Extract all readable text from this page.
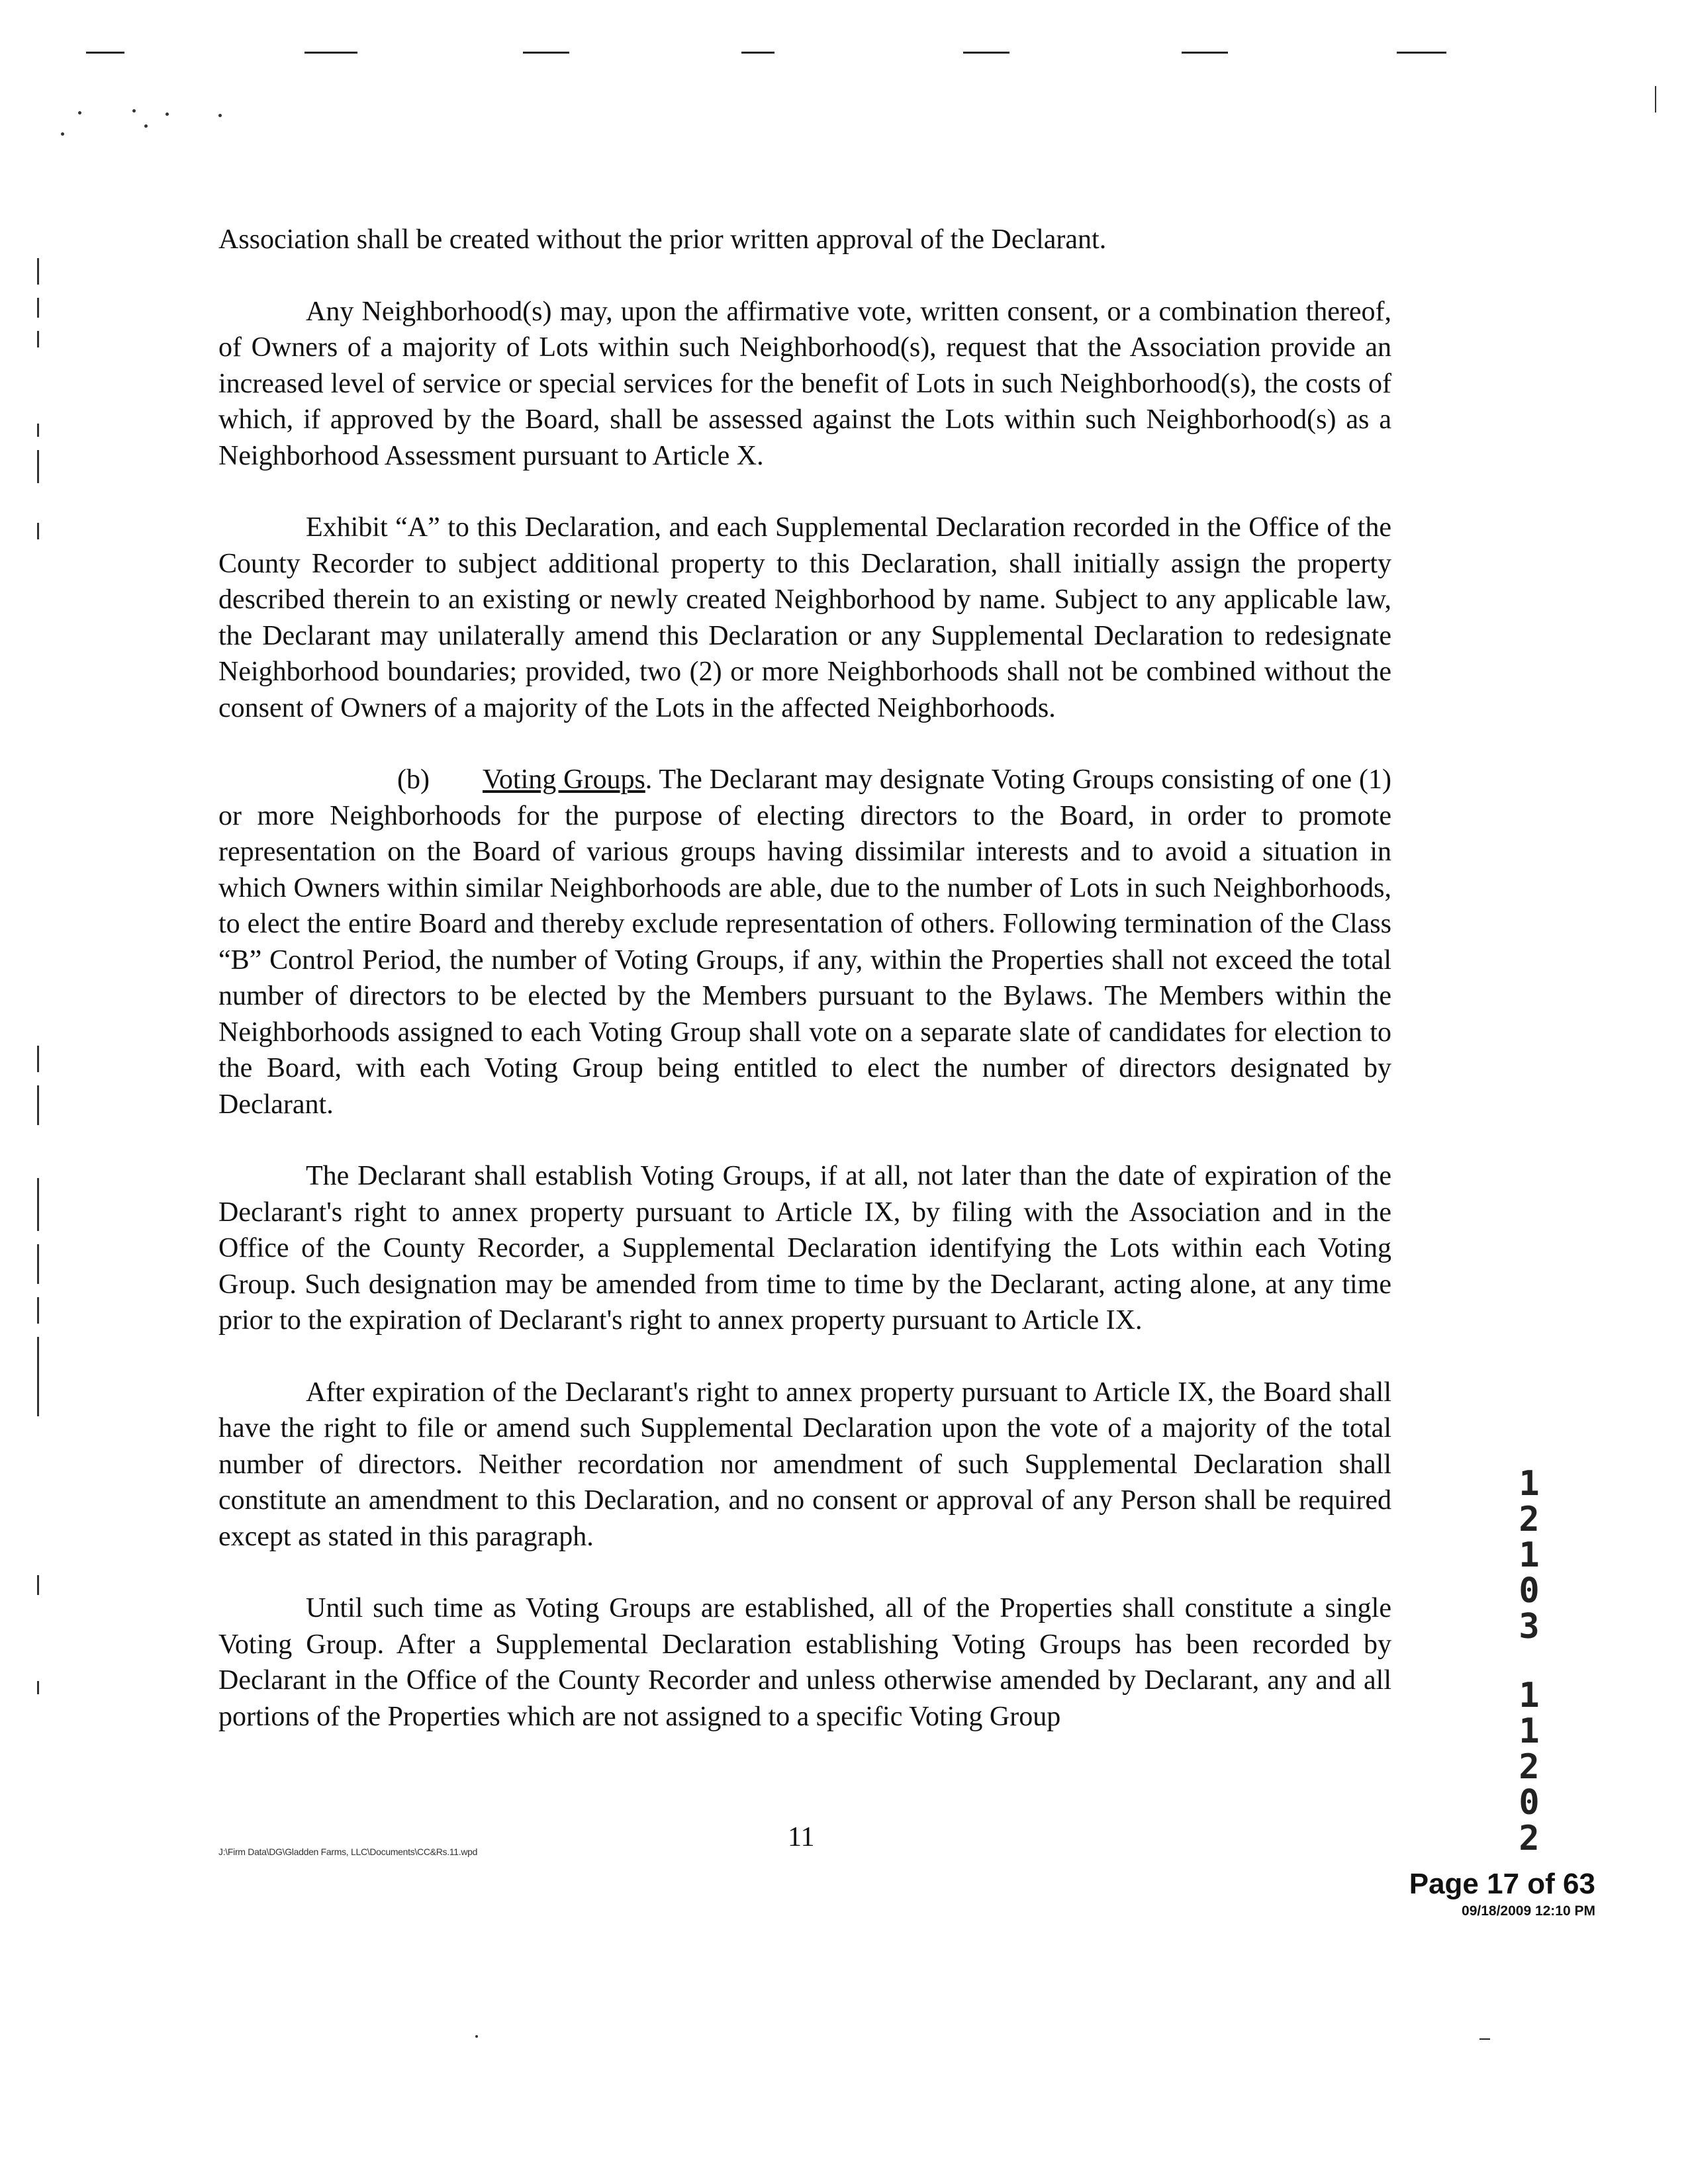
Association shall be created without the prior written approval of the Declarant.

Any Neighborhood(s) may, upon the affirmative vote, written consent, or a combination thereof, of Owners of a majority of Lots within such Neighborhood(s), request that the Association provide an increased level of service or special services for the benefit of Lots in such Neighborhood(s), the costs of which, if approved by the Board, shall be assessed against the Lots within such Neighborhood(s) as a Neighborhood Assessment pursuant to Article X.

Exhibit “A” to this Declaration, and each Supplemental Declaration recorded in the Office of the County Recorder to subject additional property to this Declaration, shall initially assign the property described therein to an existing or newly created Neighborhood by name. Subject to any applicable law, the Declarant may unilaterally amend this Declaration or any Supplemental Declaration to redesignate Neighborhood boundaries; provided, two (2) or more Neighborhoods shall not be combined without the consent of Owners of a majority of the Lots in the affected Neighborhoods.

(b) Voting Groups. The Declarant may designate Voting Groups consisting of one (1) or more Neighborhoods for the purpose of electing directors to the Board, in order to promote representation on the Board of various groups having dissimilar interests and to avoid a situation in which Owners within similar Neighborhoods are able, due to the number of Lots in such Neighborhoods, to elect the entire Board and thereby exclude representation of others. Following termination of the Class “B” Control Period, the number of Voting Groups, if any, within the Properties shall not exceed the total number of directors to be elected by the Members pursuant to the Bylaws. The Members within the Neighborhoods assigned to each Voting Group shall vote on a separate slate of candidates for election to the Board, with each Voting Group being entitled to elect the number of directors designated by Declarant.

The Declarant shall establish Voting Groups, if at all, not later than the date of expiration of the Declarant's right to annex property pursuant to Article IX, by filing with the Association and in the Office of the County Recorder, a Supplemental Declaration identifying the Lots within each Voting Group. Such designation may be amended from time to time by the Declarant, acting alone, at any time prior to the expiration of Declarant's right to annex property pursuant to Article IX.

After expiration of the Declarant's right to annex property pursuant to Article IX, the Board shall have the right to file or amend such Supplemental Declaration upon the vote of a majority of the total number of directors. Neither recordation nor amendment of such Supplemental Declaration shall constitute an amendment to this Declaration, and no consent or approval of any Person shall be required except as stated in this paragraph.

Until such time as Voting Groups are established, all of the Properties shall constitute a single Voting Group. After a Supplemental Declaration establishing Voting Groups has been recorded by Declarant in the Office of the County Recorder and unless otherwise amended by Declarant, any and all portions of the Properties which are not assigned to a specific Voting Group

1
2
1
0
3
1
1
2
0
2
J:\Firm Data\DG\Gladden Farms, LLC\Documents\CC&Rs.11.wpd	11
Page 17 of 63
09/18/2009 12:10 PM
